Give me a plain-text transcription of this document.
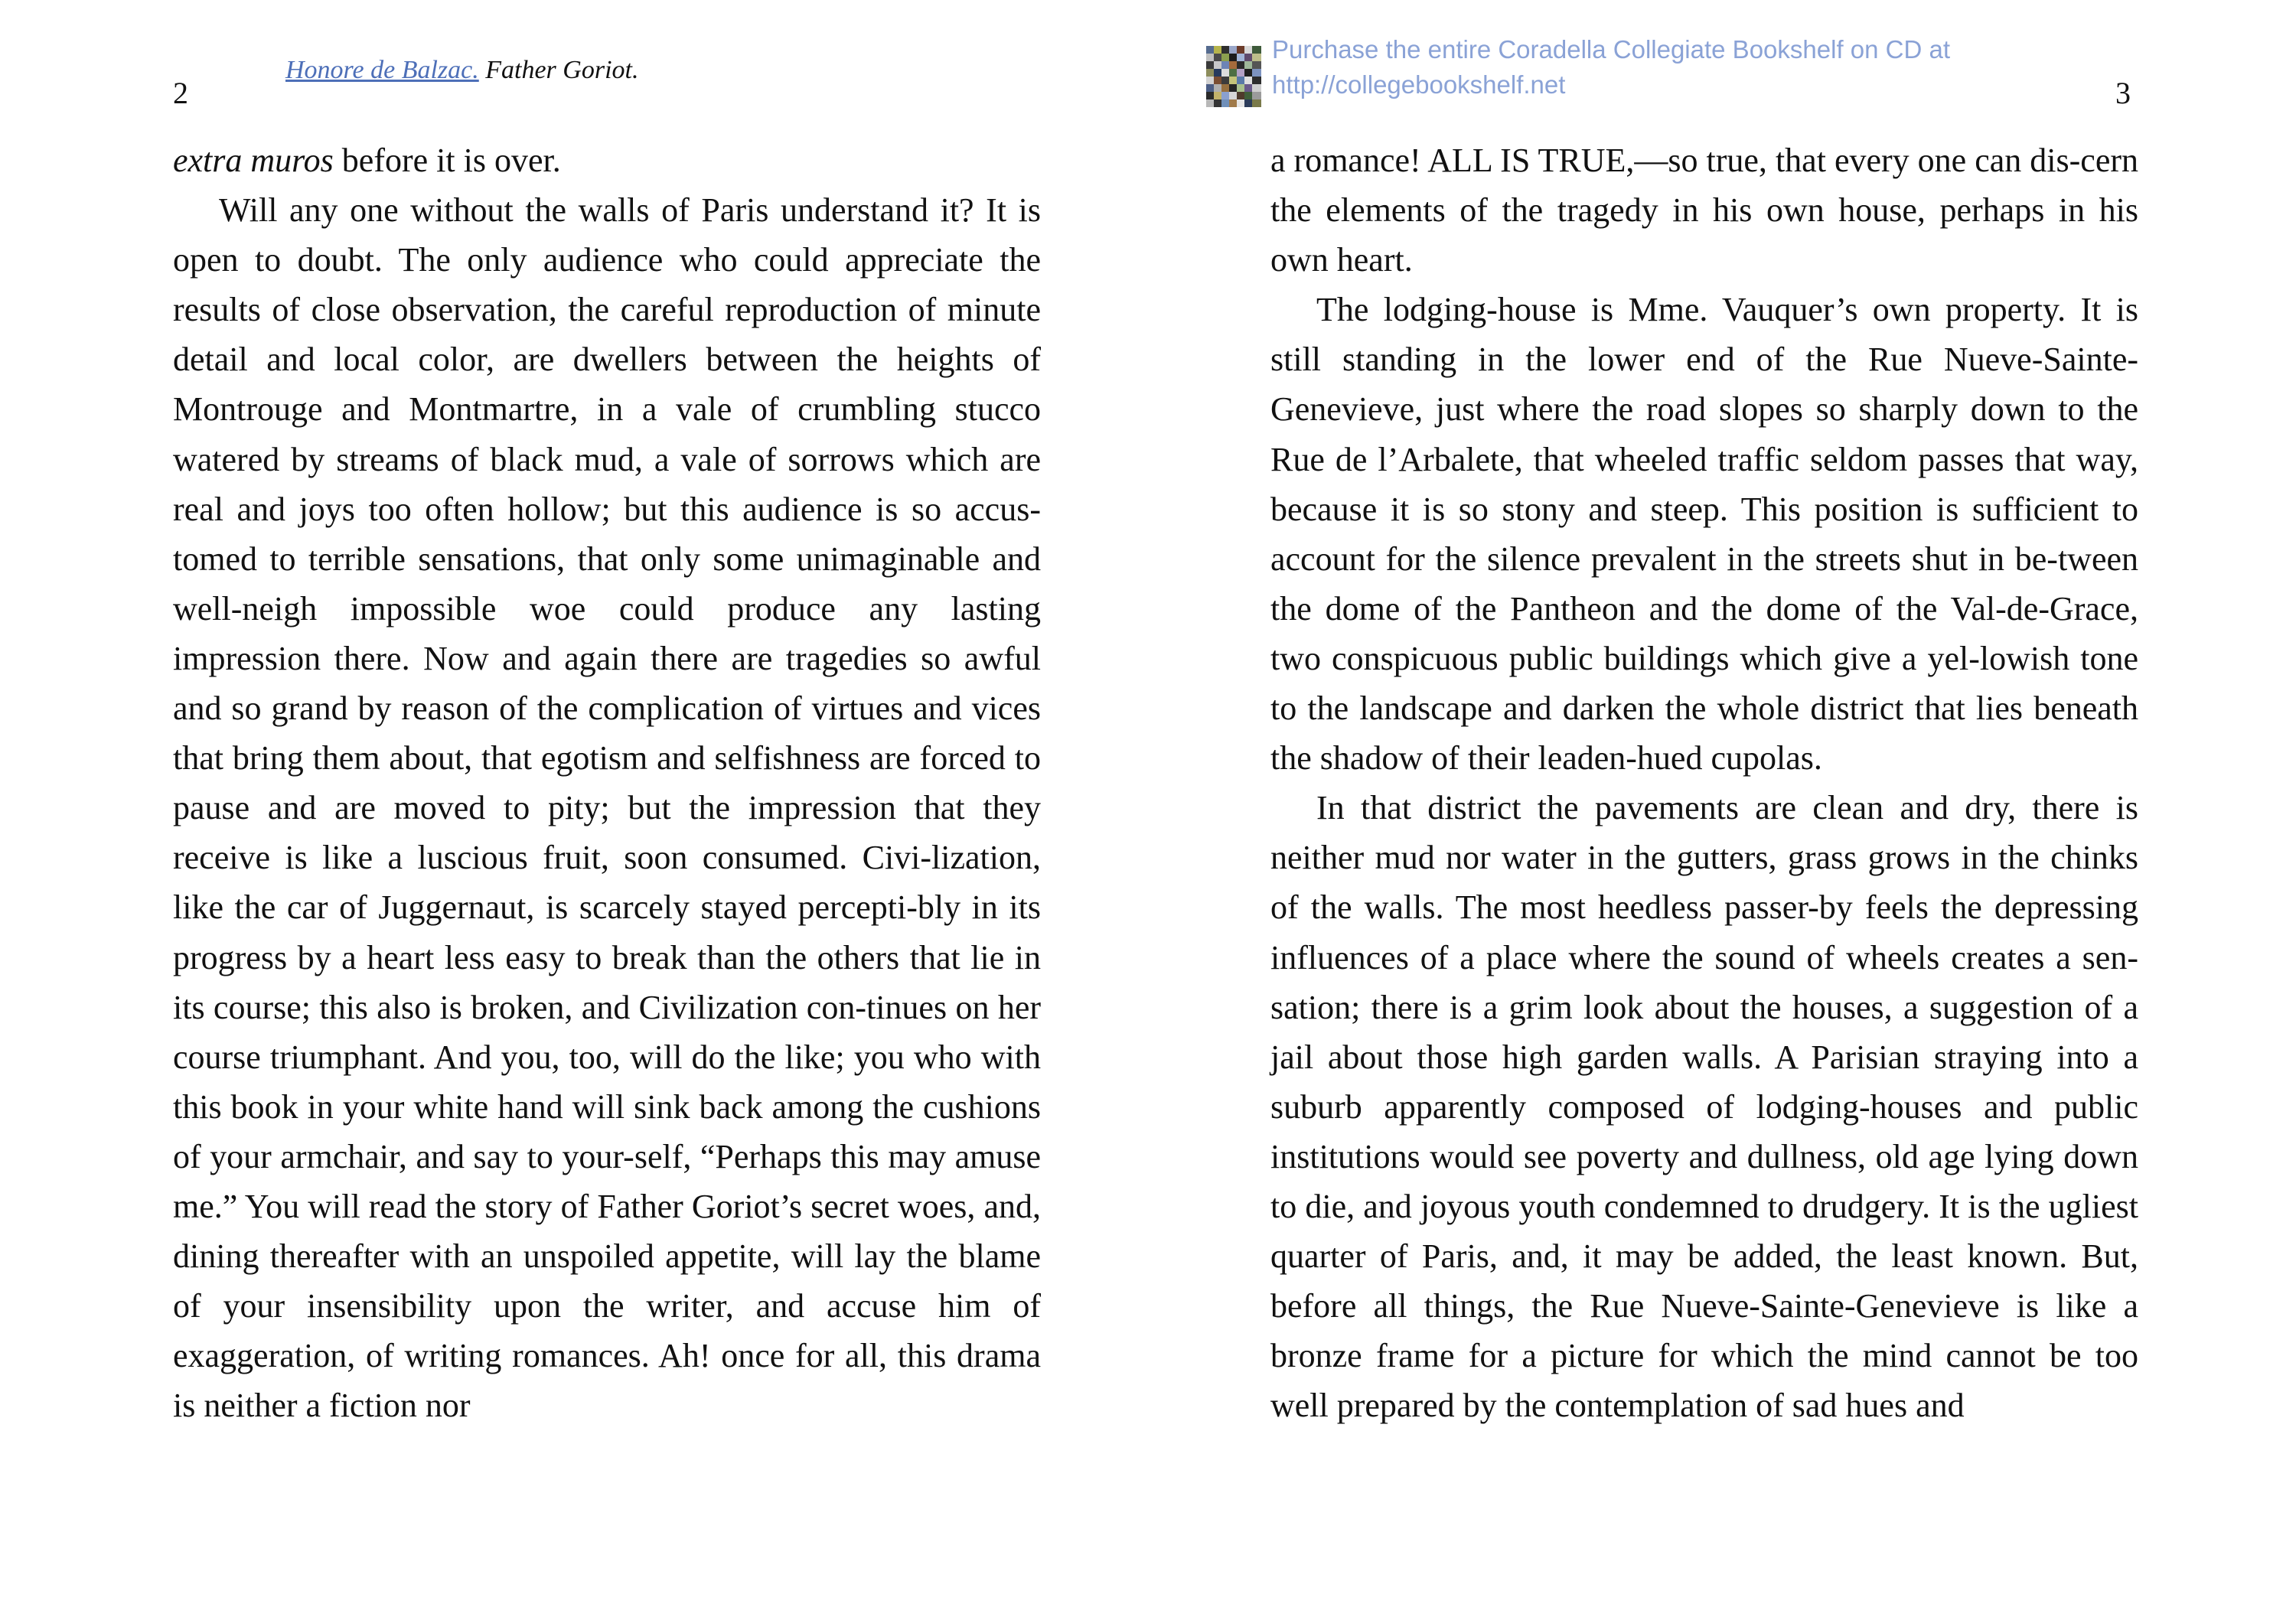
2
Honore de Balzac. Father Goriot.

extra muros before it is over.

Will any one without the walls of Paris understand it? It is open to doubt. The only audience who could appreciate the results of close observation, the careful reproduction of minute detail and local color, are dwellers between the heights of Montrouge and Montmartre, in a vale of crumbling stucco watered by streams of black mud, a vale of sorrows which are real and joys too often hollow; but this audience is so accus-tomed to terrible sensations, that only some unimaginable and well-neigh impossible woe could produce any lasting impression there. Now and again there are tragedies so awful and so grand by reason of the complication of virtues and vices that bring them about, that egotism and selfishness are forced to pause and are moved to pity; but the impression that they receive is like a luscious fruit, soon consumed. Civi-lization, like the car of Juggernaut, is scarcely stayed percepti-bly in its progress by a heart less easy to break than the others that lie in its course; this also is broken, and Civilization con-tinues on her course triumphant. And you, too, will do the like; you who with this book in your white hand will sink back among the cushions of your armchair, and say to your-self, “Perhaps this may amuse me.” You will read the story of Father Goriot’s secret woes, and, dining thereafter with an unspoiled appetite, will lay the blame of your insensibility upon the writer, and accuse him of exaggeration, of writing romances. Ah! once for all, this drama is neither a fiction nor

Purchase the entire Coradella Collegiate Bookshelf on CD at
http://collegebookshelf.net	3

a romance! ALL IS TRUE,—so true, that every one can dis-cern the elements of the tragedy in his own house, perhaps in his own heart.

The lodging-house is Mme. Vauquer’s own property. It is still standing in the lower end of the Rue Nueve-Sainte-Genevieve, just where the road slopes so sharply down to the Rue de l’Arbalete, that wheeled traffic seldom passes that way, because it is so stony and steep. This position is sufficient to account for the silence prevalent in the streets shut in be-tween the dome of the Pantheon and the dome of the Val-de-Grace, two conspicuous public buildings which give a yel-lowish tone to the landscape and darken the whole district that lies beneath the shadow of their leaden-hued cupolas.

In that district the pavements are clean and dry, there is neither mud nor water in the gutters, grass grows in the chinks of the walls. The most heedless passer-by feels the depressing influences of a place where the sound of wheels creates a sen-sation; there is a grim look about the houses, a suggestion of a jail about those high garden walls. A Parisian straying into a suburb apparently composed of lodging-houses and public institutions would see poverty and dullness, old age lying down to die, and joyous youth condemned to drudgery. It is the ugliest quarter of Paris, and, it may be added, the least known. But, before all things, the Rue Nueve-Sainte-Genevieve is like a bronze frame for a picture for which the mind cannot be too well prepared by the contemplation of sad hues and
